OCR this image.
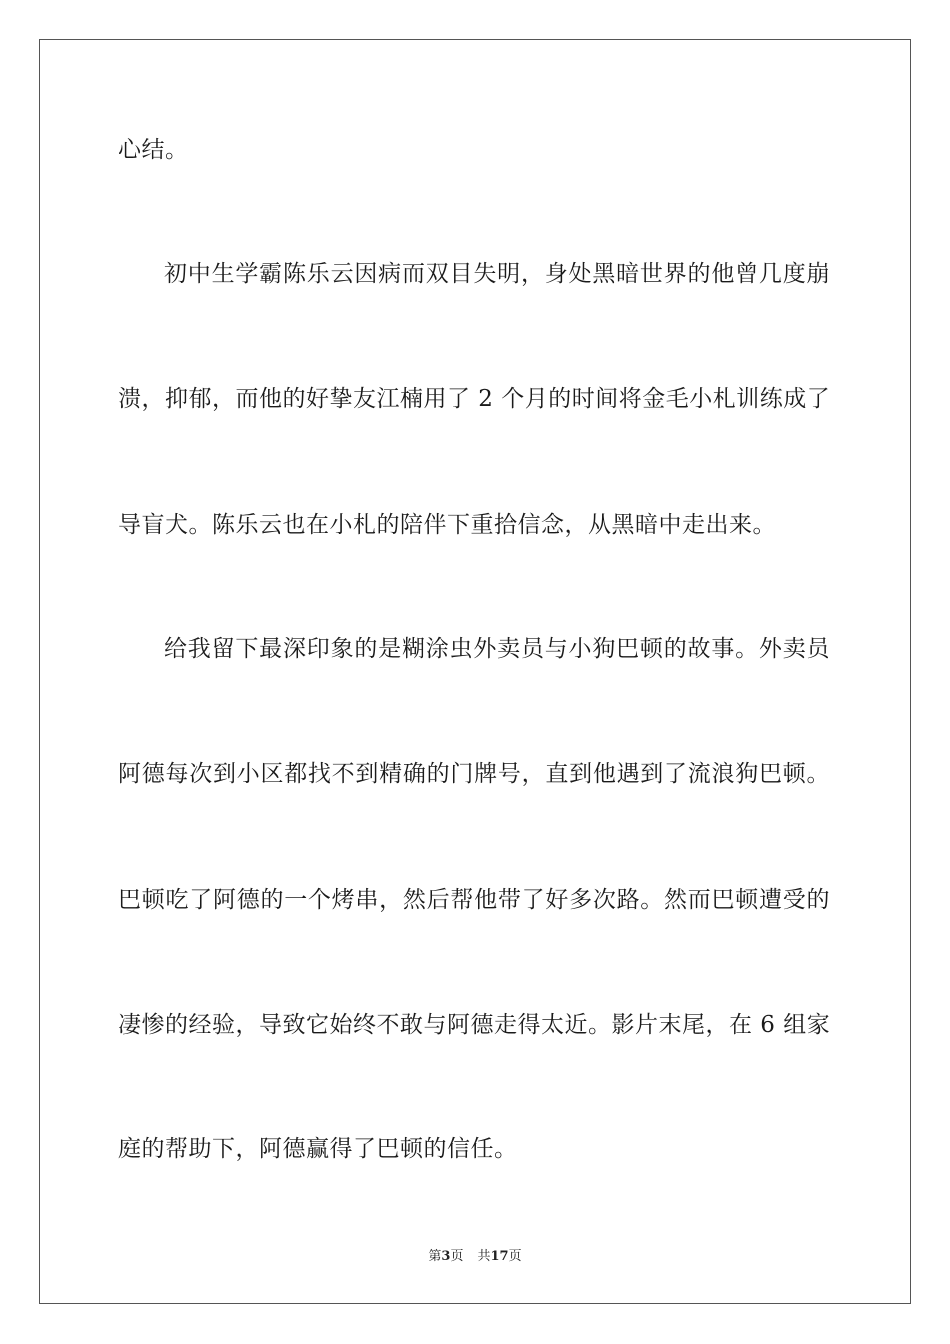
心结。
初中生学霸陈乐云因病而双目失明，身处黑暗世界的他曾几度崩
溃，抑郁，而他的好挚友江楠用了 2 个月的时间将金毛小札训练成了
导盲犬。陈乐云也在小札的陪伴下重拾信念，从黑暗中走出来。
给我留下最深印象的是糊涂虫外卖员与小狗巴顿的故事。外卖员
阿德每次到小区都找不到精确的门牌号，直到他遇到了流浪狗巴顿。
巴顿吃了阿德的一个烤串，然后帮他带了好多次路。然而巴顿遭受的
凄惨的经验，导致它始终不敢与阿德走得太近。影片末尾，在 6 组家
庭的帮助下，阿德赢得了巴顿的信任。
第3页 共17页
